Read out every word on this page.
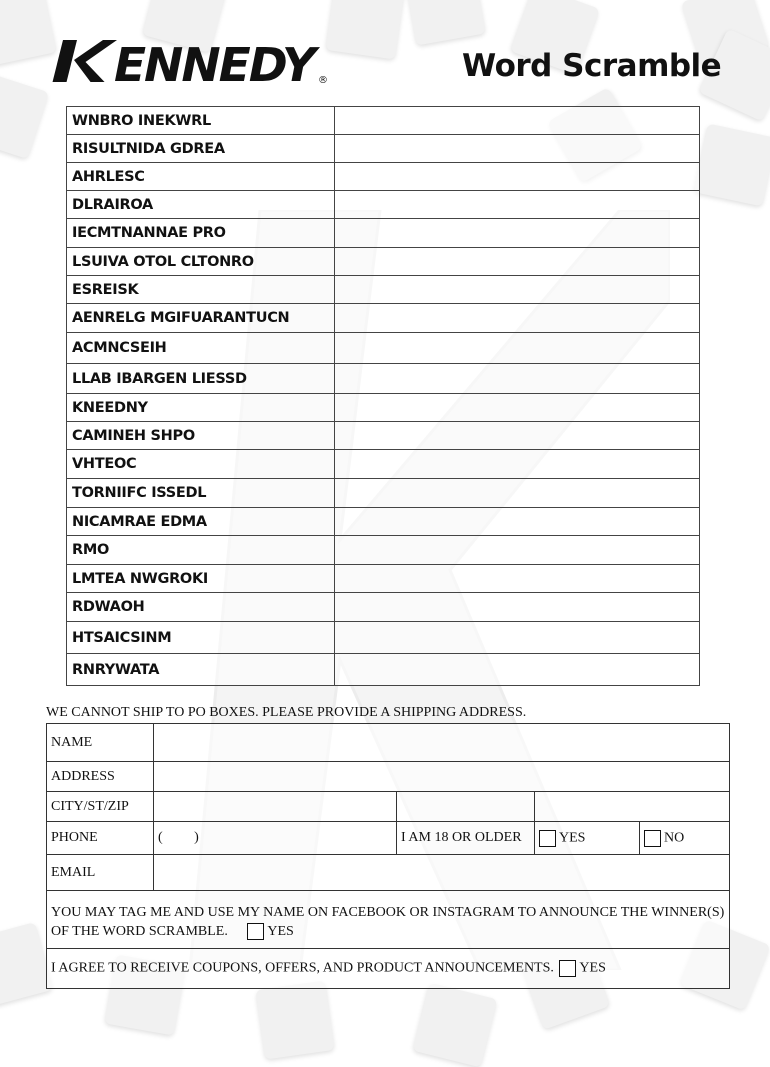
ENNEDY
®	Word Scramble
WNBRO INEKWRL	
RISULTNIDA GDREA	
AHRLESC	
DLRAIROA	
IECMTNANNAE PRO	
LSUIVA OTOL CLTONRO	
ESREISK	
AENRELG MGIFUARANTUCN	
ACMNCSEIH	
LLAB IBARGEN LIESSD	
KNEEDNY	
CAMINEH SHPO	
VHTEOC	
TORNIIFC ISSEDL	
NICAMRAE EDMA	
RMO	
LMTEA NWGROKI	
RDWAOH	
HTSAICSINM	
RNRYWATA	
WE CANNOT SHIP TO PO BOXES. PLEASE PROVIDE A SHIPPING ADDRESS.
NAME				
ADDRESS				
CITY/ST/ZIP				
PHONE	(         )	I AM 18 OR OLDER	YES	NO
EMAIL				
YOU MAY TAG ME AND USE MY NAME ON FACEBOOK OR INSTAGRAM TO ANNOUNCE THE WINNER(S) OF THE WORD SCRAMBLE. YES				
I AGREE TO RECEIVE COUPONS, OFFERS, AND PRODUCT ANNOUNCEMENTS. YES				
